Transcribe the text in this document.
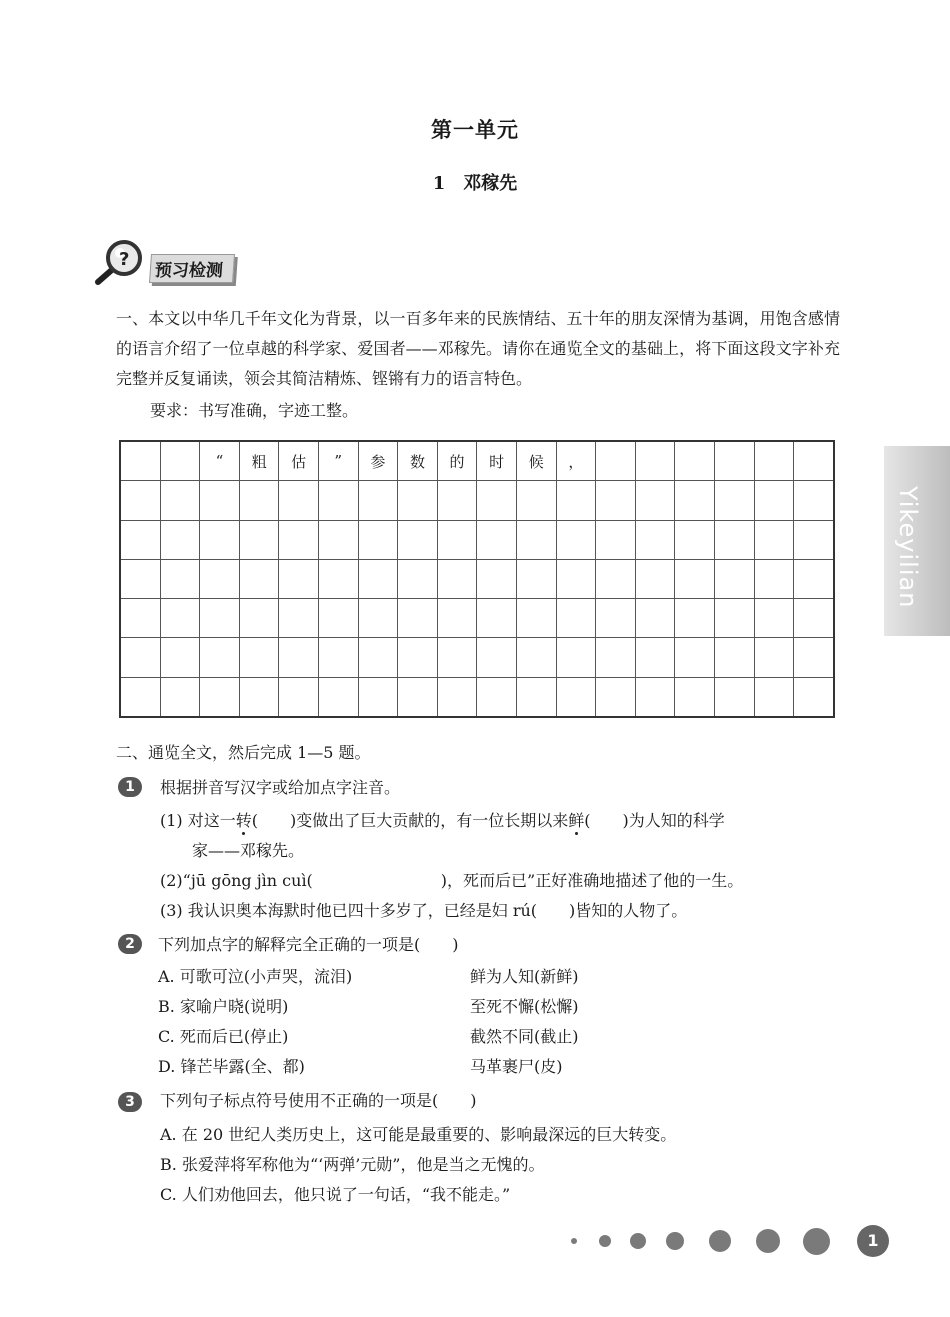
第一单元
1 邓稼先
?
预习检测
一、本文以中华几千年文化为背景，以一百多年来的民族情结、五十年的朋友深情为基调，用饱含感情的语言介绍了一位卓越的科学家、爱国者——邓稼先。请你在通览全文的基础上，将下面这段文字补充完整并反复诵读，领会其简洁精炼、铿锵有力的语言特色。
要求：书写准确，字迹工整。
		“	粗	估	”	参	数	的	时	候	，						

二、通览全文，然后完成 1—5 题。
1	根据拼音写汉字或给加点字注音。
(1) 对这一转(　　)变做出了巨大贡献的，有一位长期以来鲜(　　)为人知的科学
家——邓稼先。
(2)“jū gōng jìn cuì(　　　　　　　　)，死而后已”正好准确地描述了他的一生。
(3) 我认识奥本海默时他已四十多岁了，已经是妇 rú(　　)皆知的人物了。
2	下列加点字的解释完全正确的一项是(　　)
A. 可歌可泣(小声哭，流泪)	鲜为人知(新鲜)
B. 家喻户晓(说明)	至死不懈(松懈)
C. 死而后已(停止)	截然不同(截止)
D. 锋芒毕露(全、都)	马革裹尸(皮)
3	下列句子标点符号使用不正确的一项是(　　)
A. 在 20 世纪人类历史上，这可能是最重要的、影响最深远的巨大转变。
B. 张爱萍将军称他为“‘两弹’元勋”，他是当之无愧的。
C. 人们劝他回去，他只说了一句话，“我不能走。”
Yikeyilian
1
